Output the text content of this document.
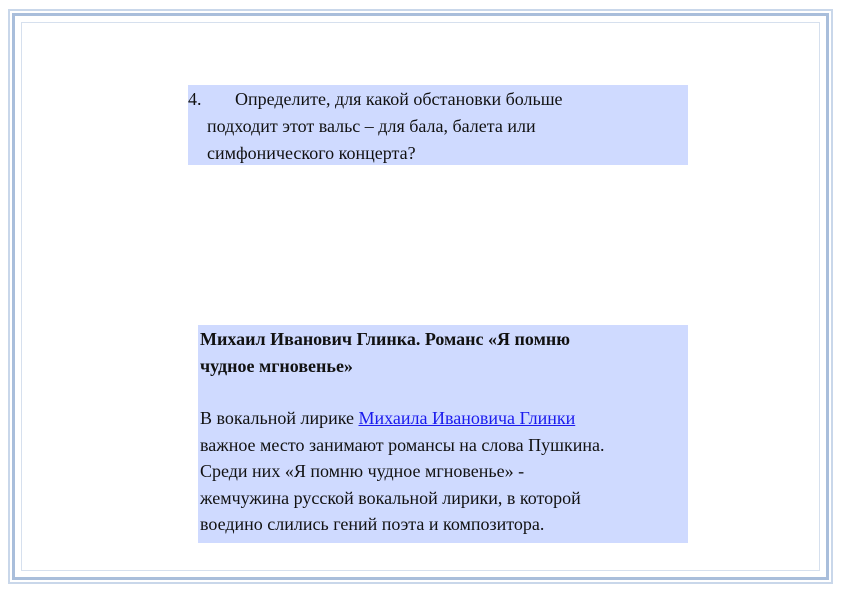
4. Определите, для какой обстановки больше
подходит этот вальс – для бала, балета или
симфонического концерта?

Михаил Иванович Глинка. Романс «Я помню
чудное мгновенье»

В вокальной лирике Михаила Ивановича Глинки
важное место занимают романсы на слова Пушкина.
Среди них «Я помню чудное мгновенье» -
жемчужина русской вокальной лирики, в которой
воедино слились гений поэта и композитора.
